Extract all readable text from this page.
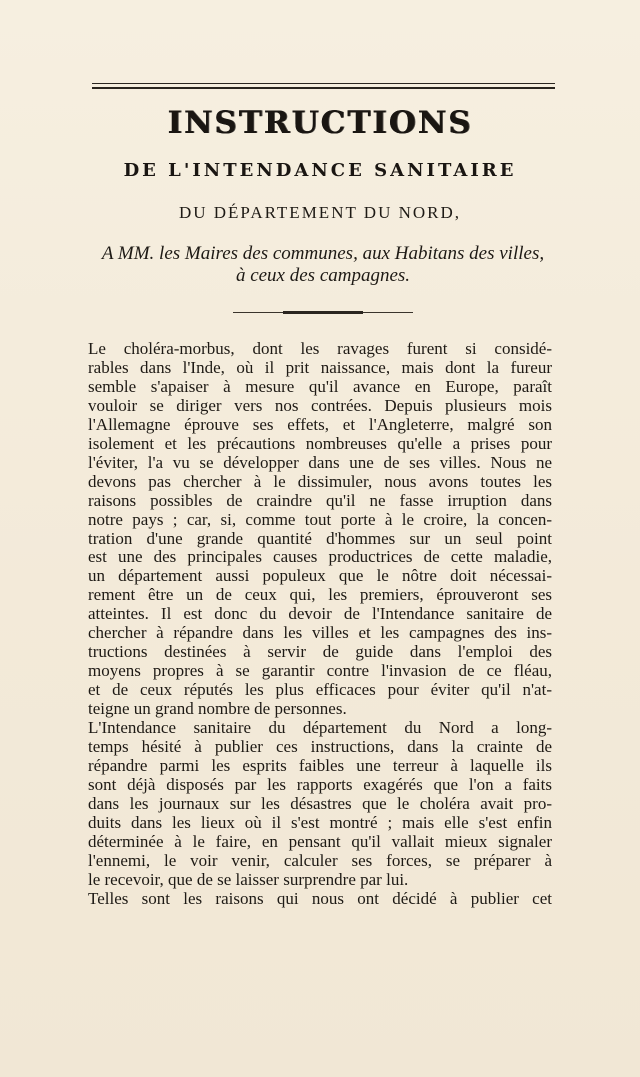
INSTRUCTIONS
DE L'INTENDANCE SANITAIRE
DU DÉPARTEMENT DU NORD,
A MM. les Maires des communes, aux Habitans des villes,
à ceux des campagnes.
Le choléra-morbus, dont les ravages furent si considé-
rables dans l'Inde, où il prit naissance, mais dont la fureur
semble s'apaiser à mesure qu'il avance en Europe, paraît
vouloir se diriger vers nos contrées. Depuis plusieurs mois
l'Allemagne éprouve ses effets, et l'Angleterre, malgré son
isolement et les précautions nombreuses qu'elle a prises pour
l'éviter, l'a vu se développer dans une de ses villes. Nous ne
devons pas chercher à le dissimuler, nous avons toutes les
raisons possibles de craindre qu'il ne fasse irruption dans
notre pays ; car, si, comme tout porte à le croire, la concen-
tration d'une grande quantité d'hommes sur un seul point
est une des principales causes productrices de cette maladie,
un département aussi populeux que le nôtre doit nécessai-
rement être un de ceux qui, les premiers, éprouveront ses
atteintes. Il est donc du devoir de l'Intendance sanitaire de
chercher à répandre dans les villes et les campagnes des ins-
tructions destinées à servir de guide dans l'emploi des
moyens propres à se garantir contre l'invasion de ce fléau,
et de ceux réputés les plus efficaces pour éviter qu'il n'at-
teigne un grand nombre de personnes.
L'Intendance sanitaire du département du Nord a long-
temps hésité à publier ces instructions, dans la crainte de
répandre parmi les esprits faibles une terreur à laquelle ils
sont déjà disposés par les rapports exagérés que l'on a faits
dans les journaux sur les désastres que le choléra avait pro-
duits dans les lieux où il s'est montré ; mais elle s'est enfin
déterminée à le faire, en pensant qu'il vallait mieux signaler
l'ennemi, le voir venir, calculer ses forces, se préparer à
le recevoir, que de se laisser surprendre par lui.
Telles sont les raisons qui nous ont décidé à publier cet
